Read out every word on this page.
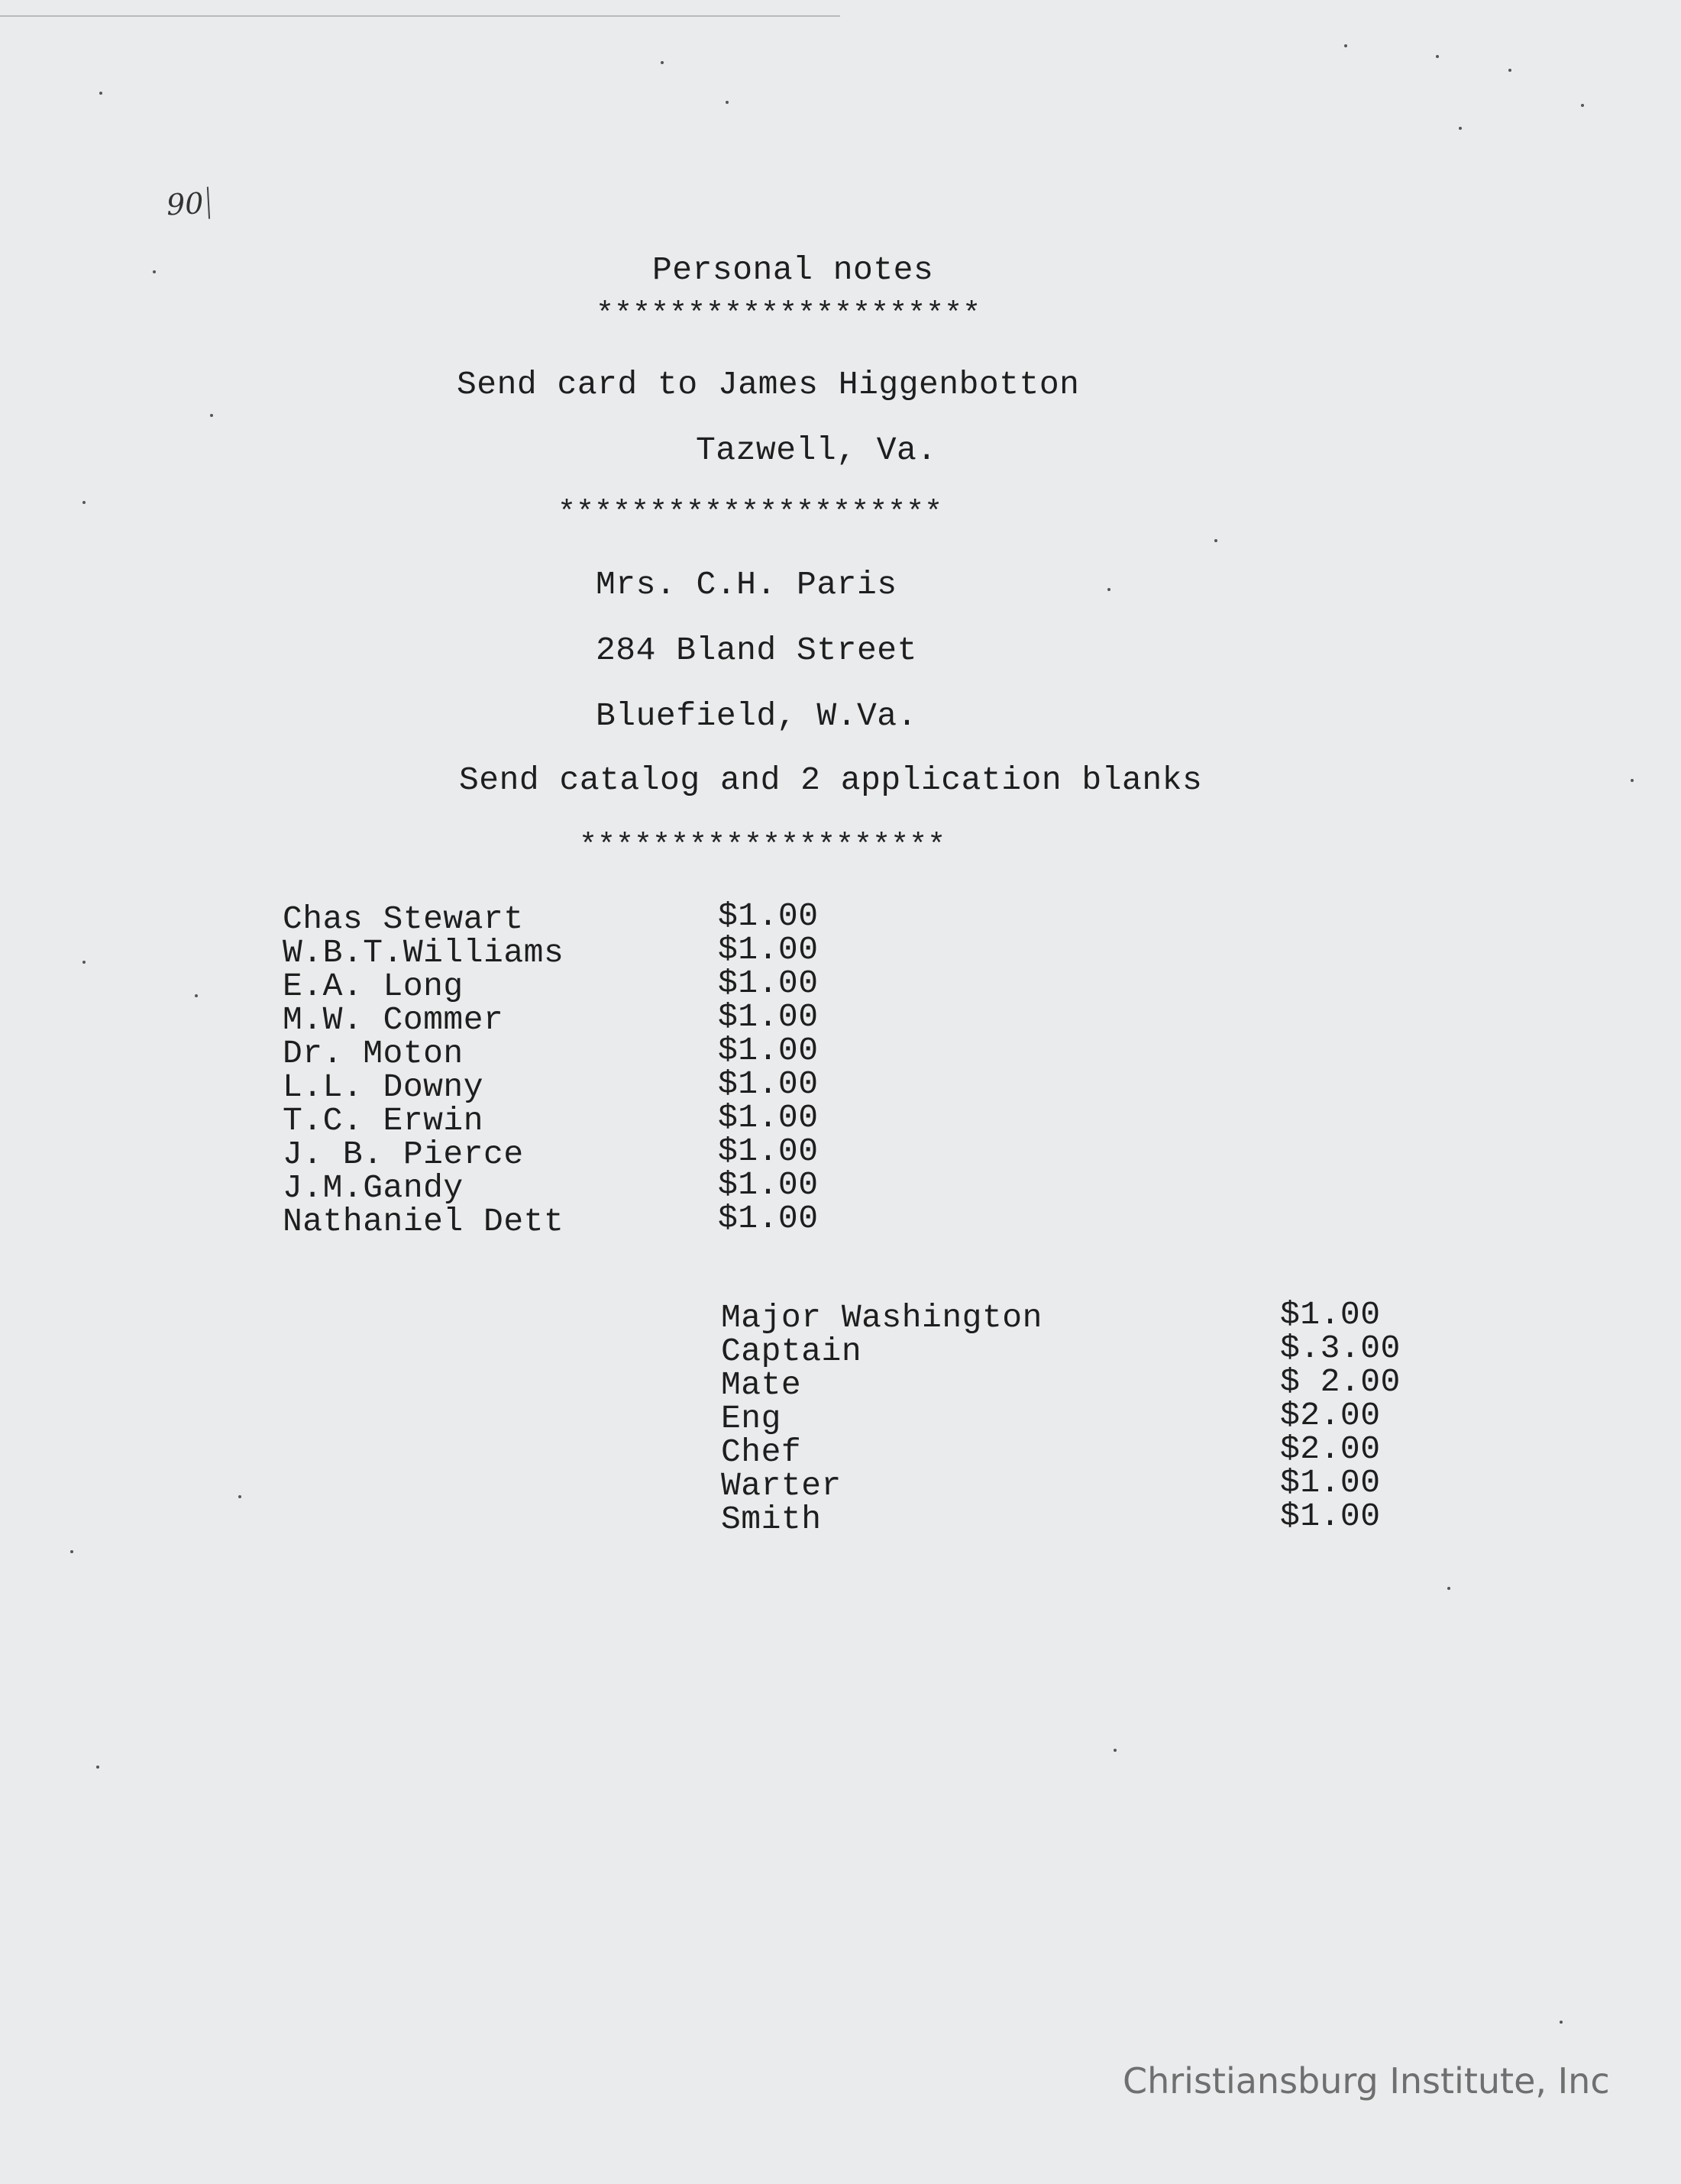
90
Personal notes
*********************
Send card to James Higgenbotton
Tazwell, Va.
*********************
Mrs. C.H. Paris
284 Bland Street
Bluefield, W.Va.
Send catalog and 2 application blanks
********************
Chas Stewart
W.B.T.Williams
E.A. Long
M.W. Commer
Dr. Moton
L.L. Downy
T.C. Erwin
J. B. Pierce
J.M.Gandy
Nathaniel Dett
$1.00
$1.00
$1.00
$1.00
$1.00
$1.00
$1.00
$1.00
$1.00
$1.00
Major Washington
Captain
Mate
Eng
Chef
Warter
Smith
$1.00
$.3.00
$ 2.00
$2.00
$2.00
$1.00
$1.00
Christiansburg Institute, Inc
